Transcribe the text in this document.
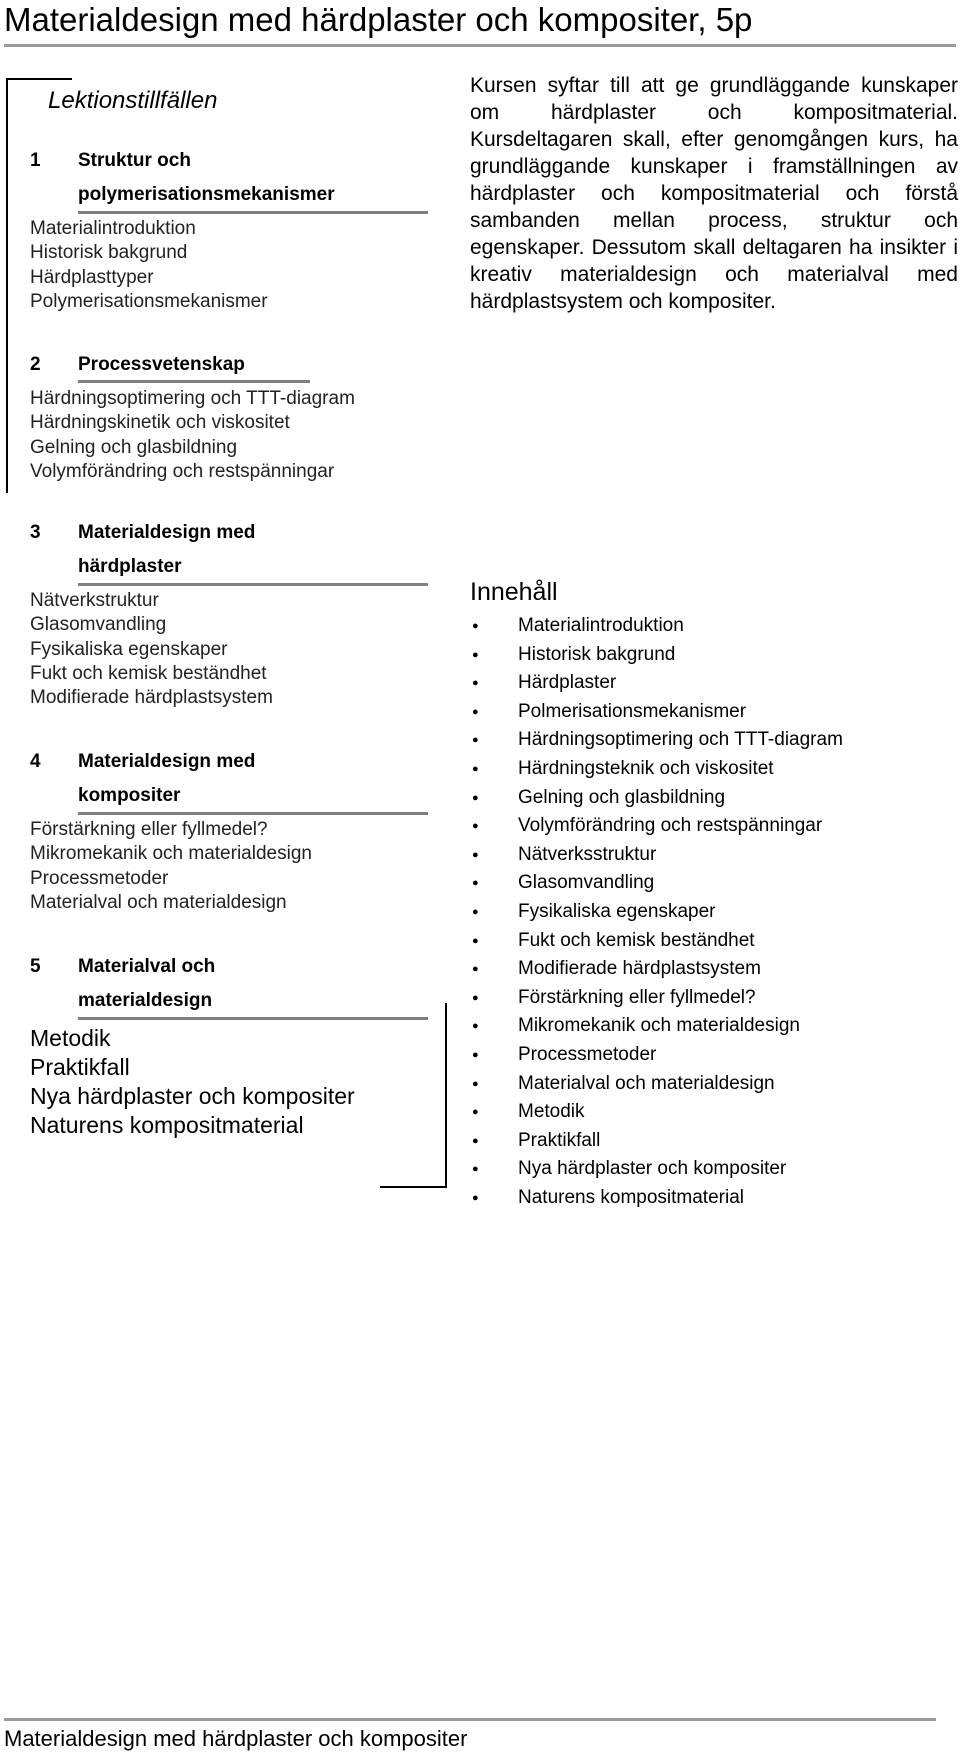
Materialdesign med härdplaster och kompositer, 5p
Lektionstillfällen
1 Struktur och
polymerisationsmekanismer
Materialintroduktion
Historisk bakgrund
Härdplasttyper
Polymerisationsmekanismer
2 Processvetenskap
Härdningsoptimering och TTT-diagram
Härdningskinetik och viskositet
Gelning och glasbildning
Volymförändring och restspänningar
3 Materialdesign med
härdplaster
Nätverkstruktur
Glasomvandling
Fysikaliska egenskaper
Fukt och kemisk beständhet
Modifierade härdplastsystem
4 Materialdesign med
kompositer
Förstärkning eller fyllmedel?
Mikromekanik och materialdesign
Processmetoder
Materialval och materialdesign
5 Materialval och
materialdesign
Metodik
Praktikfall
Nya härdplaster och kompositer
Naturens kompositmaterial
Kursen syftar till att ge grundläggande kunskaper om härdplaster och kompositmaterial. Kursdeltagaren skall, efter genomgången kurs, ha grundläggande kunskaper i framställningen av härdplaster och kompositmaterial och förstå sambanden mellan process, struktur och egenskaper. Dessutom skall deltagaren ha insikter i kreativ materialdesign och materialval med härdplastsystem och kompositer.
Innehåll
● Materialintroduktion
● Historisk bakgrund
● Härdplaster
● Polmerisationsmekanismer
● Härdningsoptimering och TTT-diagram
● Härdningsteknik och viskositet
● Gelning och glasbildning
● Volymförändring och restspänningar
● Nätverksstruktur
● Glasomvandling
● Fysikaliska egenskaper
● Fukt och kemisk beständhet
● Modifierade härdplastsystem
● Förstärkning eller fyllmedel?
● Mikromekanik och materialdesign
● Processmetoder
● Materialval och materialdesign
● Metodik
● Praktikfall
● Nya härdplaster och kompositer
● Naturens kompositmaterial
Materialdesign med härdplaster och kompositer
